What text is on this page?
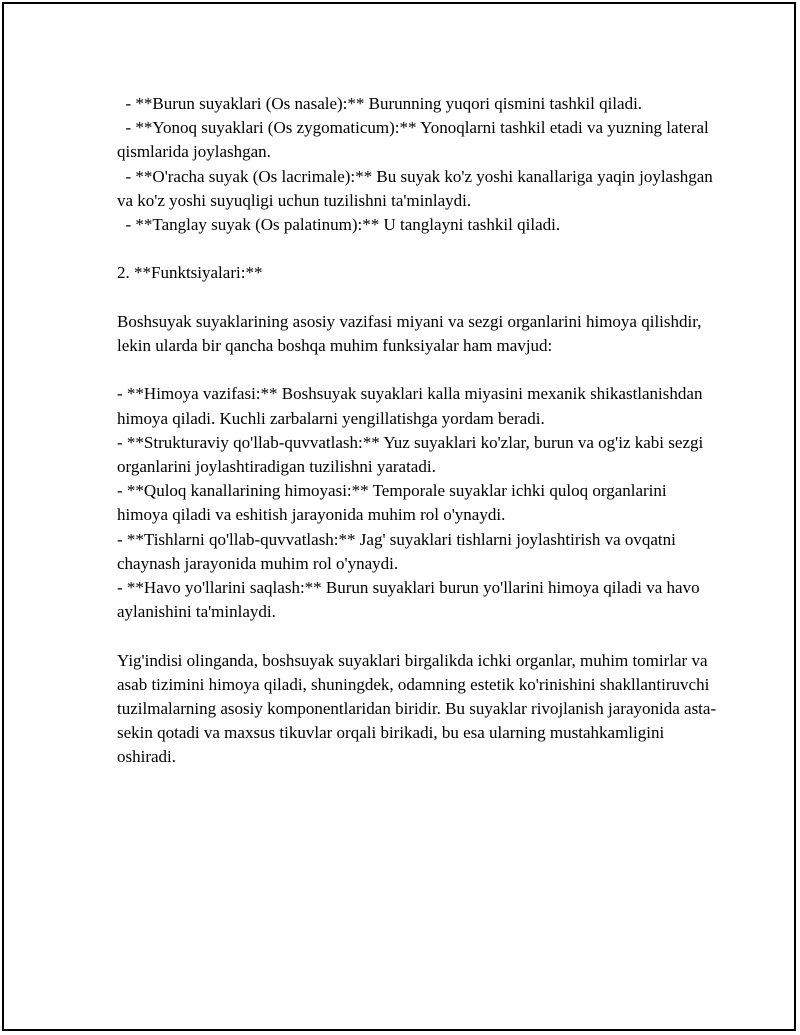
- **Burun suyaklari (Os nasale):** Burunning yuqori qismini tashkil qiladi.

- **Yonoq suyaklari (Os zygomaticum):** Yonoqlarni tashkil etadi va yuzning lateral qismlarida joylashgan.

- **O'racha suyak (Os lacrimale):** Bu suyak ko'z yoshi kanallariga yaqin joylashgan va ko'z yoshi suyuqligi uchun tuzilishni ta'minlaydi.

- **Tanglay suyak (Os palatinum):** U tanglayni tashkil qiladi.

2. **Funktsiyalari:**

Boshsuyak suyaklarining asosiy vazifasi miyani va sezgi organlarini himoya qilishdir, lekin ularda bir qancha boshqa muhim funksiyalar ham mavjud:

- **Himoya vazifasi:** Boshsuyak suyaklari kalla miyasini mexanik shikastlanishdan himoya qiladi. Kuchli zarbalarni yengillatishga yordam beradi.

- **Strukturaviy qo'llab-quvvatlash:** Yuz suyaklari ko'zlar, burun va og'iz kabi sezgi organlarini joylashtiradigan tuzilishni yaratadi.

- **Quloq kanallarining himoyasi:** Temporale suyaklar ichki quloq organlarini himoya qiladi va eshitish jarayonida muhim rol o'ynaydi.

- **Tishlarni qo'llab-quvvatlash:** Jag' suyaklari tishlarni joylashtirish va ovqatni chaynash jarayonida muhim rol o'ynaydi.

- **Havo yo'llarini saqlash:** Burun suyaklari burun yo'llarini himoya qiladi va havo aylanishini ta'minlaydi.

Yig'indisi olinganda, boshsuyak suyaklari birgalikda ichki organlar, muhim tomirlar va asab tizimini himoya qiladi, shuningdek, odamning estetik ko'rinishini shakllantiruvchi tuzilmalarning asosiy komponentlaridan biridir. Bu suyaklar rivojlanish jarayonida asta-sekin qotadi va maxsus tikuvlar orqali birikadi, bu esa ularning mustahkamligini oshiradi.
